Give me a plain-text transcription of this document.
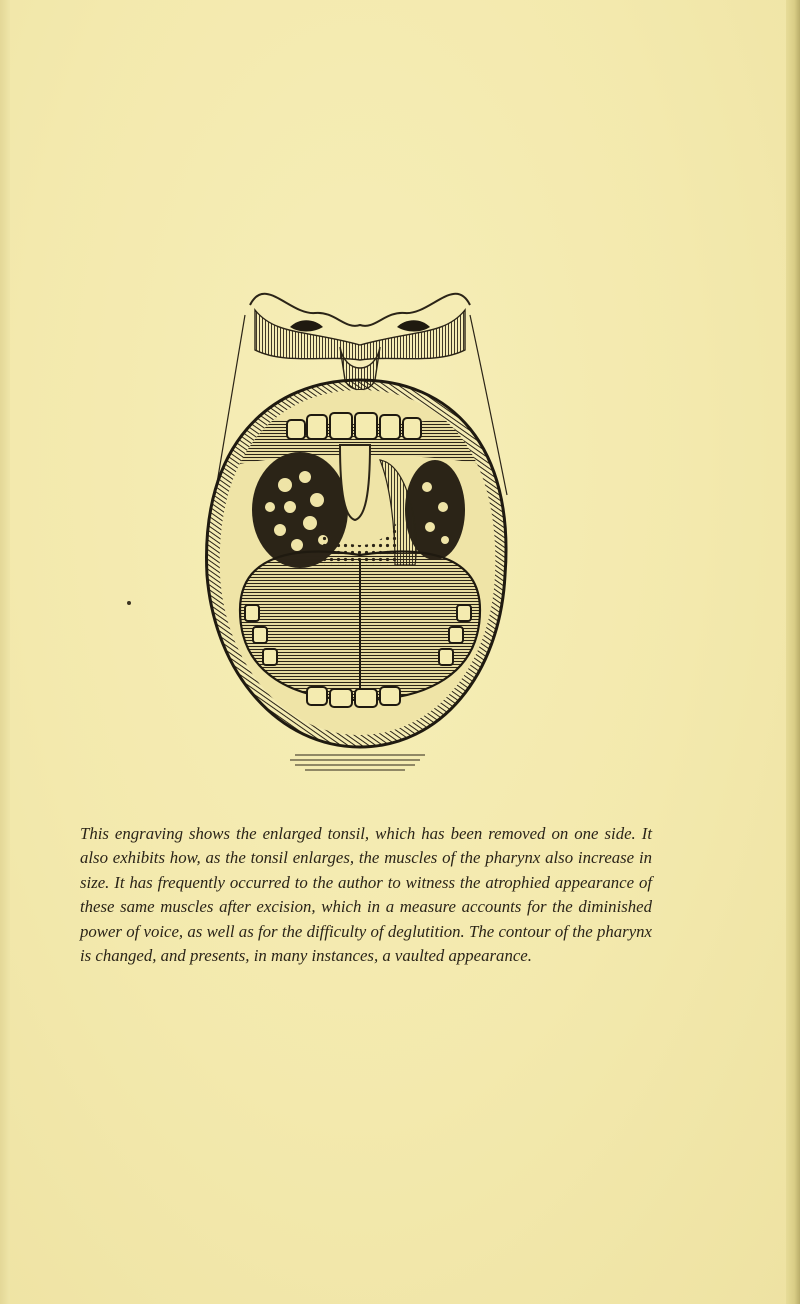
This engraving shows the enlarged tonsil, which has been removed on one side. It also exhibits how, as the tonsil enlarges, the muscles of the pharynx also increase in size. It has frequently occurred to the author to witness the atrophied appearance of these same muscles after excision, which in a measure accounts for the diminished power of voice, as well as for the difficulty of deglutition. The contour of the pharynx is changed, and presents, in many instances, a vaulted appearance.
